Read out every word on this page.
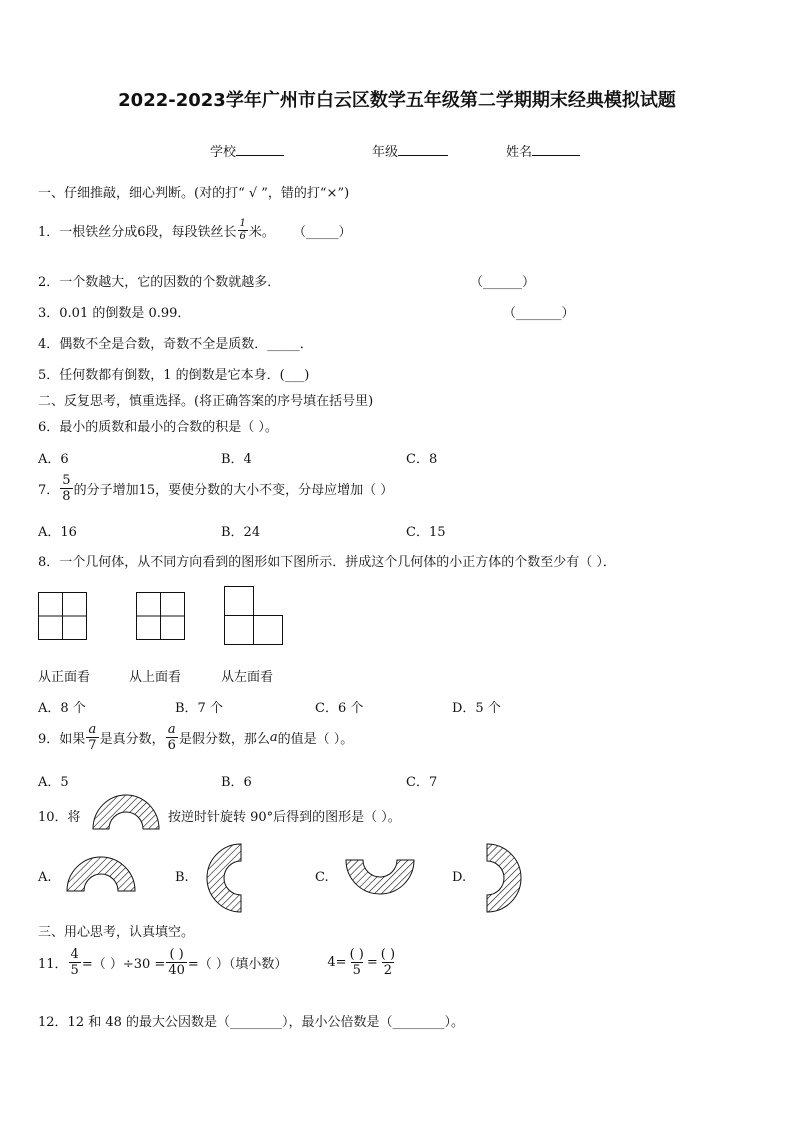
2022-2023学年广州市白云区数学五年级第二学期期末经典模拟试题
学校	年级	姓名
一、仔细推敲，细心判断。(对的打“ √ ”，错的打“×”)
1．一根铁丝分成6段，每段铁丝长 $\frac{1}{6}$ 米。 （_____）
2．一个数越大，它的因数的个数就越多．	（______）
3．0.01 的倒数是 0.99．	（_______）
4．偶数不全是合数，奇数不全是质数．_____．
5．任何数都有倒数，1 的倒数是它本身．(___)
二、反复思考，慎重选择。(将正确答案的序号填在括号里)
6．最小的质数和最小的合数的积是（ ）。
A．6	B．4	C．8
7． $\frac{5}{8}$ 的分子增加15，要使分数的大小不变，分母应增加（ ）
A．16	B．24	C．15
8．一个几何体，从不同方向看到的图形如下图所示．拼成这个几何体的小正方体的个数至少有（ ）．
从正面看	从上面看	从左面看
A．8 个	B．7 个	C．6 个	D．5 个
9．如果 $\frac{a}{7}$ 是真分数， $\frac{a}{6}$ 是假分数，那么 a 的值是（ ）。
A．5	B．6	C．7
10．将	按逆时针旋转 90°后得到的图形是（ ）。
A.	B.	C.	D.
三、用心思考，认真填空。
11． $\frac{4}{5}$ =（ ）$\div 30 = \frac{( )}{40}$ =（ ）（填小数）	$4= \frac{( )}{5} = \frac{( )}{2}$
12．12 和 48 的最大公因数是（________），最小公倍数是（________）。
